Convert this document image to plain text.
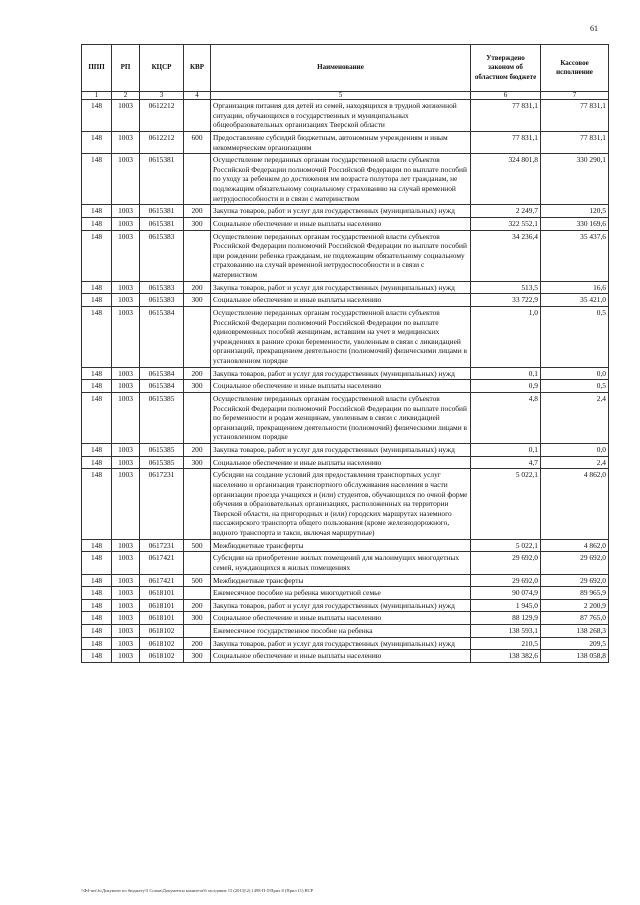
61
ППП	РП	КЦСР	КВР	Наименование	Утверждено законом об областном бюджете	Кассовое исполнение
1	2	3	4	5	6	7
148	1003	0612212		Организация питания для детей из семей, находящихся в трудной жизненной ситуации, обучающихся в государственных и муниципальных общеобразовательных организациях Тверской области	77 831,1	77 831,1
148	1003	0612212	600	Предоставление субсидий бюджетным, автономным учреждениям и иным некоммерческим организациям	77 831,1	77 831,1
148	1003	0615381		Осуществление переданных органам государственной власти субъектов Российской Федерации полномочий Российской Федерации по выплате пособий по уходу за ребенком до достижения им возраста полутора лет гражданам, не подлежащим обязательному социальному страхованию на случай временной нетрудоспособности и в связи с материнством	324 801,8	330 290,1
148	1003	0615381	200	Закупка товаров, работ и услуг для государственных (муниципальных) нужд	2 249,7	120,5
148	1003	0615381	300	Социальное обеспечение и иные выплаты населению	322 552,1	330 169,6
148	1003	0615383		Осуществление переданных органам государственной власти субъектов Российской Федерации полномочий Российской Федерации по выплате пособий при рождении ребенка гражданам, не подлежащим обязательному социальному страхованию на случай временной нетрудоспособности и в связи с материнством	34 236,4	35 437,6
148	1003	0615383	200	Закупка товаров, работ и услуг для государственных (муниципальных) нужд	513,5	16,6
148	1003	0615383	300	Социальное обеспечение и иные выплаты населению	33 722,9	35 421,0
148	1003	0615384		Осуществление переданных органам государственной власти субъектов Российской Федерации полномочий Российской Федерации по выплате единовременных пособий женщинам, вставшим на учет в медицинских учреждениях в ранние сроки беременности, уволенным в связи с ликвидацией организаций, прекращением деятельности (полномочий) физическими лицами в установленном порядке	1,0	0,5
148	1003	0615384	200	Закупка товаров, работ и услуг для государственных (муниципальных) нужд	0,1	0,0
148	1003	0615384	300	Социальное обеспечение и иные выплаты населению	0,9	0,5
148	1003	0615385		Осуществление переданных органам государственной власти субъектов Российской Федерации полномочий Российской Федерации по выплате пособий по беременности и родам женщинам, уволенным в связи с ликвидацией организаций, прекращением деятельности (полномочий) физическими лицами в установленном порядке	4,8	2,4
148	1003	0615385	200	Закупка товаров, работ и услуг для государственных (муниципальных) нужд	0,1	0,0
148	1003	0615385	300	Социальное обеспечение и иные выплаты населению	4,7	2,4
148	1003	0617231		Субсидии на создание условий для предоставления транспортных услуг населению и организация транспортного обслуживания населения в части организации проезда учащихся и (или) студентов, обучающихся по очной форме обучения в образовательных организациях, расположенных на территории Тверской области, на пригородных и (или) городских маршрутах наземного пассажирского транспорта общего пользования (кроме железнодорожного, водного транспорта и такси, включая маршрутные)	5 022,1	4 862,0
148	1003	0617231	500	Межбюджетные трансферты	5 022,1	4 862,0
148	1003	0617421		Субсидии на приобретение жилых помещений для малоимущих многодетных семей, нуждающихся в жилых помещениях	29 692,0	29 692,0
148	1003	0617421	500	Межбюджетные трансферты	29 692,0	29 692,0
148	1003	0618101		Ежемесячное пособие на ребенка многодетной семье	90 074,9	89 965,9
148	1003	0618101	200	Закупка товаров, работ и услуг для государственных (муниципальных) нужд	1 945,0	2 200,9
148	1003	0618101	300	Социальное обеспечение и иные выплаты населению	88 129,9	87 765,0
148	1003	0618102		Ежемесячное государственное пособие на ребенка	138 593,1	138 268,3
148	1003	0618102	200	Закупка товаров, работ и услуг для государственных (муниципальных) нужд	210,5	209,5
148	1003	0618102	300	Социальное обеспечение и иные выплаты населению	138 382,6	138 058,8
\\Ф4-net\fs\Документ по бюджету\5 Созыв\Документы комитета\6 заседание 15 (2013)\2) 1498-П-5\Прил 8 (Прил 11) ВСР
